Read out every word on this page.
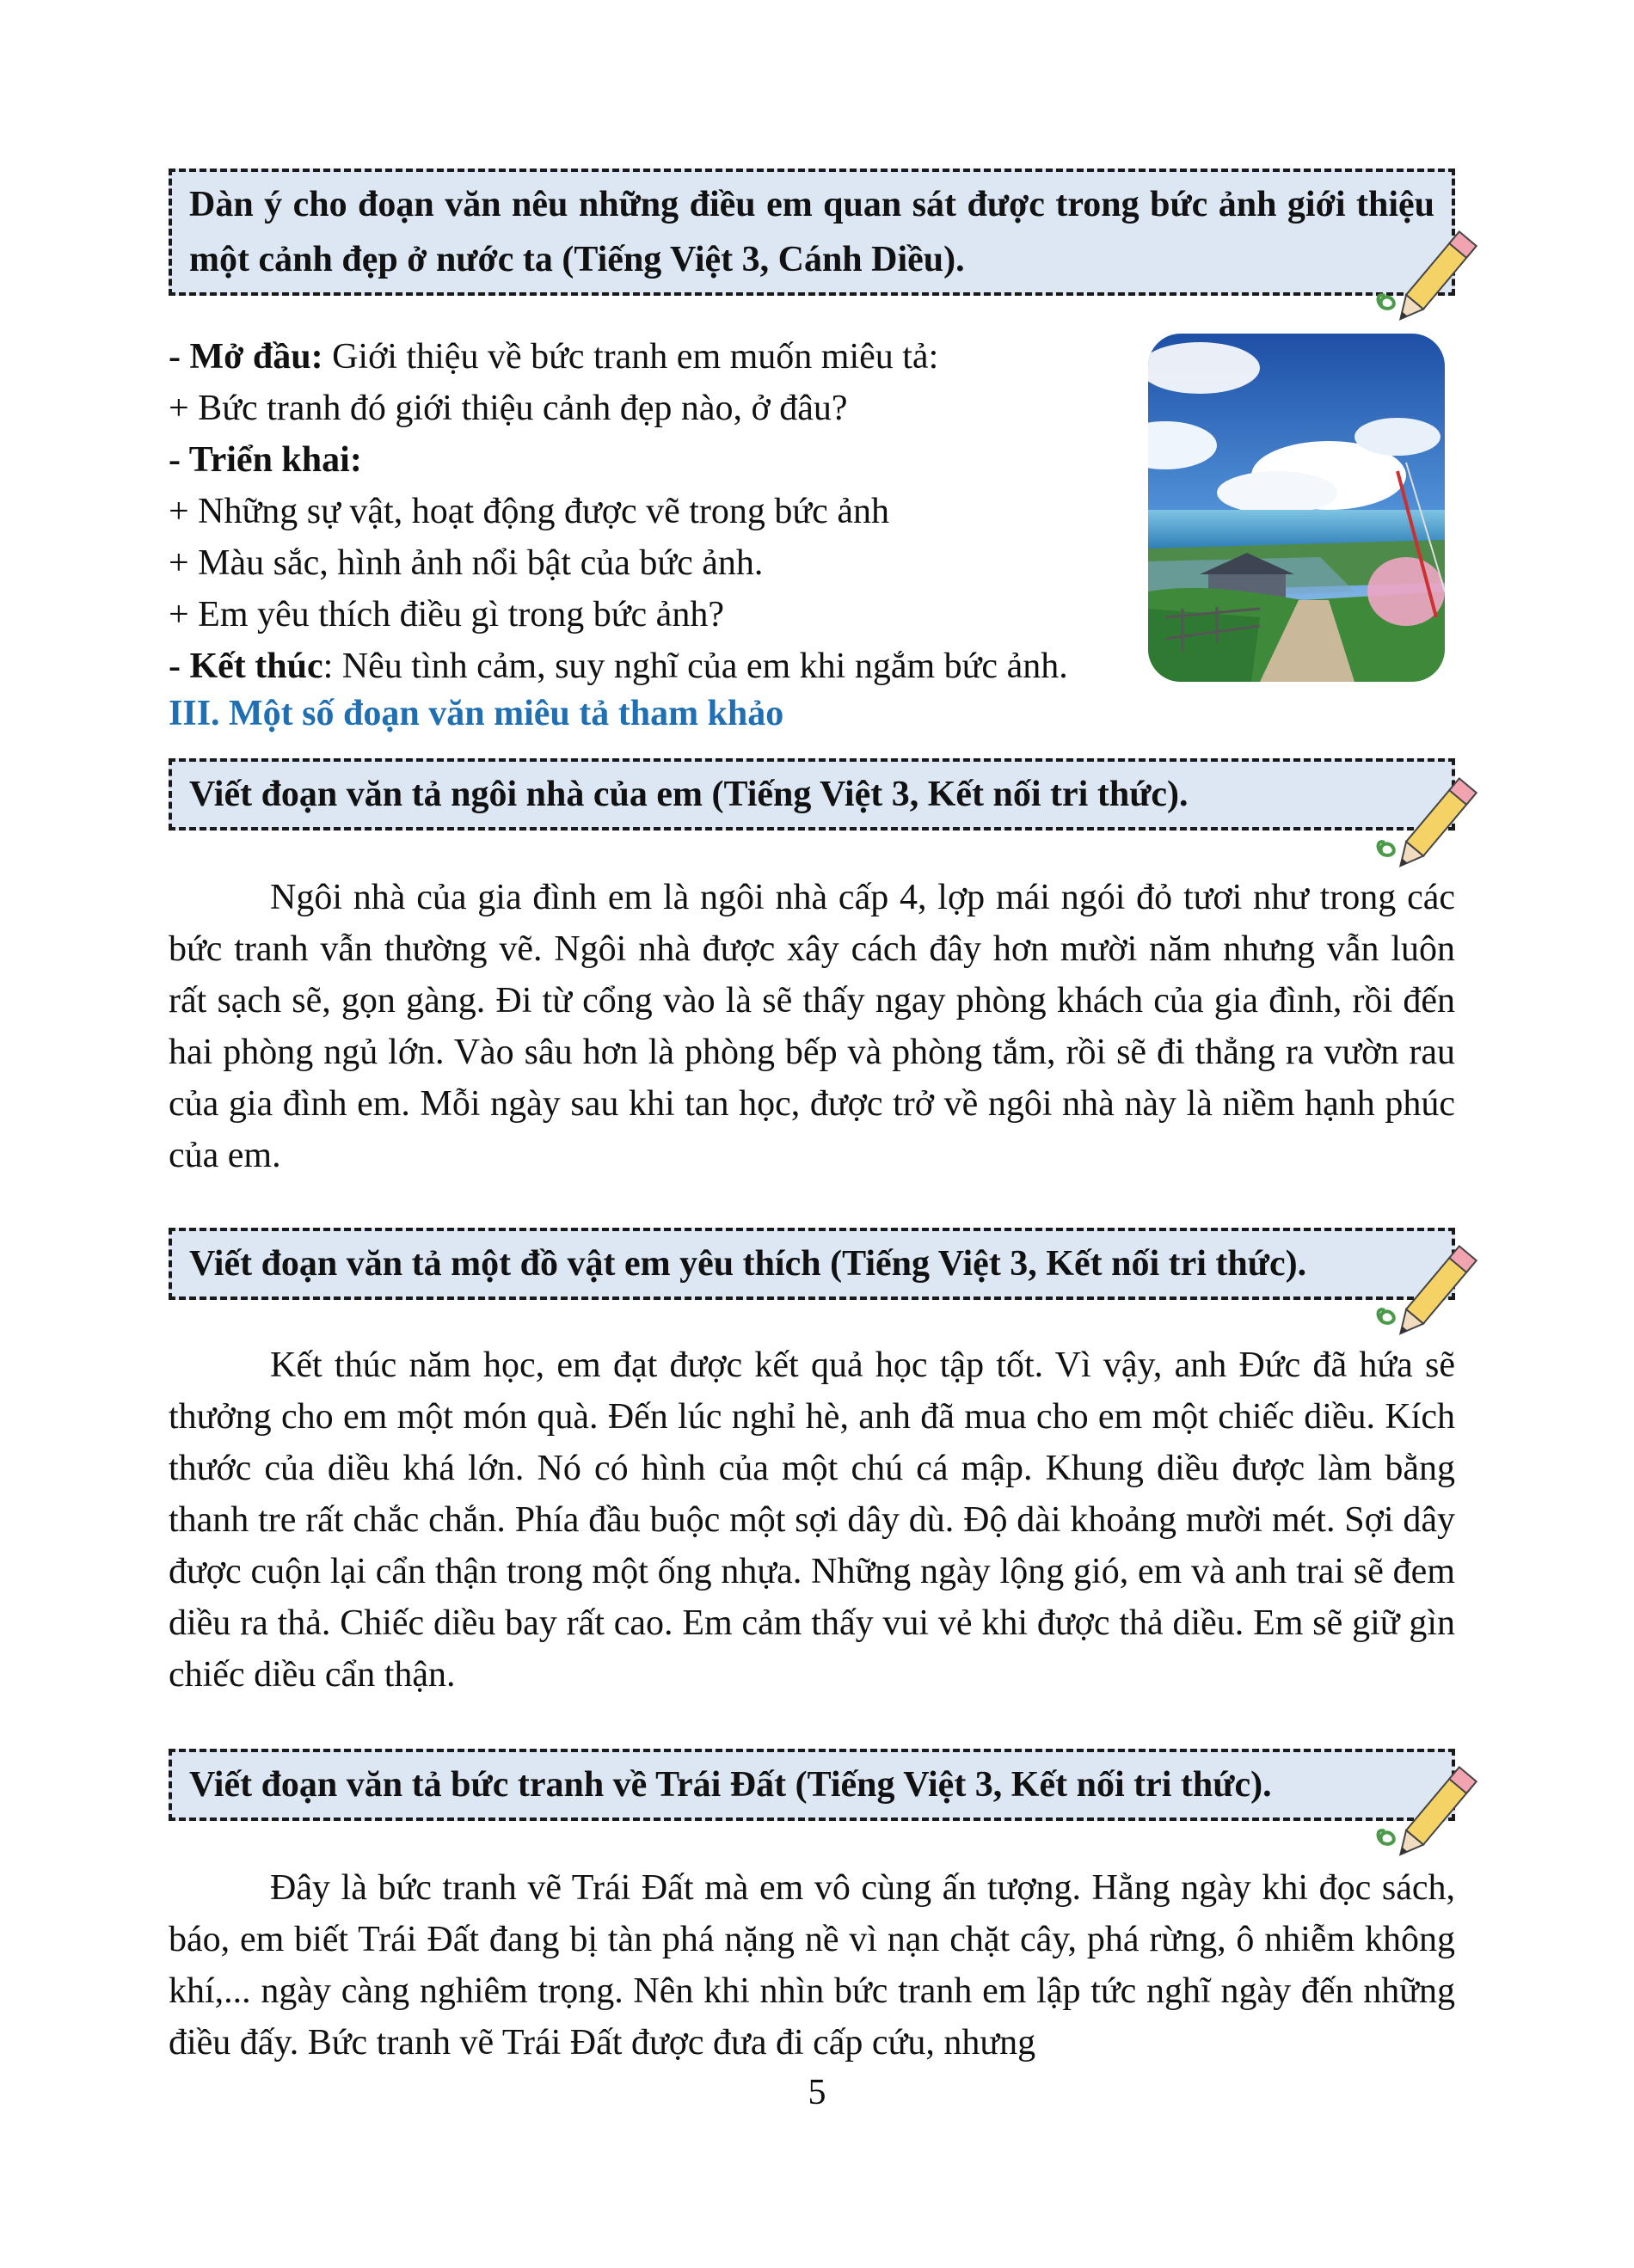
Dàn ý cho đoạn văn nêu những điều em quan sát được trong bức ảnh giới thiệu một cảnh đẹp ở nước ta (Tiếng Việt 3, Cánh Diều).
- Mở đầu: Giới thiệu về bức tranh em muốn miêu tả:
+ Bức tranh đó giới thiệu cảnh đẹp nào, ở đâu?
- Triển khai:
+ Những sự vật, hoạt động được vẽ trong bức ảnh
+ Màu sắc, hình ảnh nổi bật của bức ảnh.
+ Em yêu thích điều gì trong bức ảnh?
- Kết thúc: Nêu tình cảm, suy nghĩ của em khi ngắm bức ảnh.
III. Một số đoạn văn miêu tả tham khảo
Viết đoạn văn tả ngôi nhà của em (Tiếng Việt 3, Kết nối tri thức).
Ngôi nhà của gia đình em là ngôi nhà cấp 4, lợp mái ngói đỏ tươi như trong các bức tranh vẫn thường vẽ. Ngôi nhà được xây cách đây hơn mười năm nhưng vẫn luôn rất sạch sẽ, gọn gàng. Đi từ cổng vào là sẽ thấy ngay phòng khách của gia đình, rồi đến hai phòng ngủ lớn. Vào sâu hơn là phòng bếp và phòng tắm, rồi sẽ đi thẳng ra vườn rau của gia đình em. Mỗi ngày sau khi tan học, được trở về ngôi nhà này là niềm hạnh phúc của em.
Viết đoạn văn tả một đồ vật em yêu thích (Tiếng Việt 3, Kết nối tri thức).
Kết thúc năm học, em đạt được kết quả học tập tốt. Vì vậy, anh Đức đã hứa sẽ thưởng cho em một món quà. Đến lúc nghỉ hè, anh đã mua cho em một chiếc diều. Kích thước của diều khá lớn. Nó có hình của một chú cá mập. Khung diều được làm bằng thanh tre rất chắc chắn. Phía đầu buộc một sợi dây dù. Độ dài khoảng mười mét. Sợi dây được cuộn lại cẩn thận trong một ống nhựa. Những ngày lộng gió, em và anh trai sẽ đem diều ra thả. Chiếc diều bay rất cao. Em cảm thấy vui vẻ khi được thả diều. Em sẽ giữ gìn chiếc diều cẩn thận.
Viết đoạn văn tả bức tranh về Trái Đất (Tiếng Việt 3, Kết nối tri thức).
Đây là bức tranh vẽ Trái Đất mà em vô cùng ấn tượng. Hằng ngày khi đọc sách, báo, em biết Trái Đất đang bị tàn phá nặng nề vì nạn chặt cây, phá rừng, ô nhiễm không khí,... ngày càng nghiêm trọng. Nên khi nhìn bức tranh em lập tức nghĩ ngày đến những điều đấy. Bức tranh vẽ Trái Đất được đưa đi cấp cứu, nhưng
5
